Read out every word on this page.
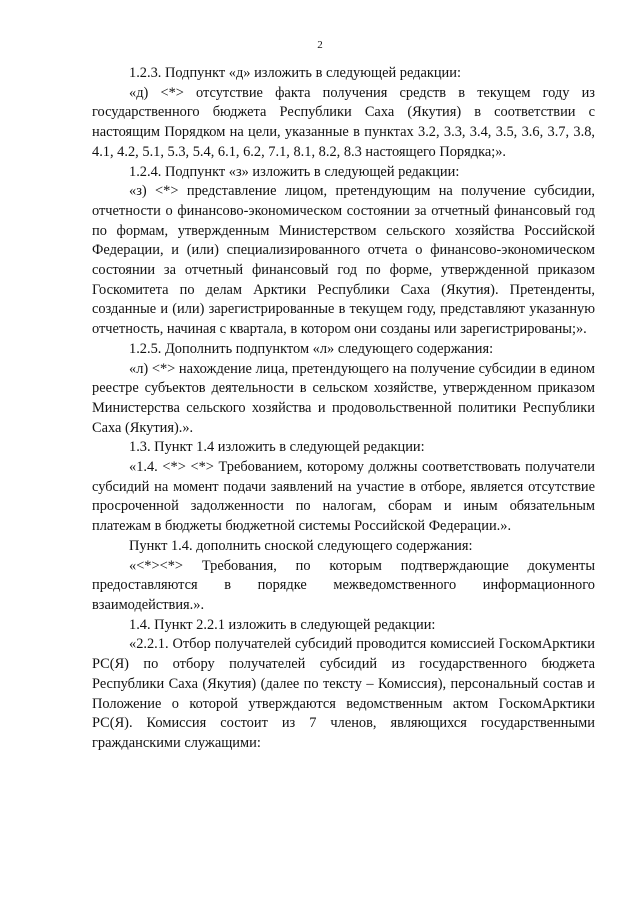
2

1.2.3. Подпункт «д» изложить в следующей редакции:

«д) <*> отсутствие факта получения средств в текущем году из государственного бюджета Республики Саха (Якутия) в соответствии с настоящим Порядком на цели, указанные в пунктах 3.2, 3.3, 3.4, 3.5, 3.6, 3.7, 3.8, 4.1, 4.2, 5.1, 5.3, 5.4, 6.1, 6.2, 7.1, 8.1, 8.2, 8.3 настоящего Порядка;».

1.2.4. Подпункт «з» изложить в следующей редакции:

«з) <*> представление лицом, претендующим на получение субсидии, отчетности о финансово-экономическом состоянии за отчетный финансовый год по формам, утвержденным Министерством сельского хозяйства Российской Федерации, и (или) специализированного отчета о финансово-экономическом состоянии за отчетный финансовый год по форме, утвержденной приказом Госкомитета по делам Арктики Республики Саха (Якутия). Претенденты, созданные и (или) зарегистрированные в текущем году, представляют указанную отчетность, начиная с квартала, в котором они созданы или зарегистрированы;».

1.2.5. Дополнить подпунктом «л» следующего содержания:

«л) <*> нахождение лица, претендующего на получение субсидии в едином реестре субъектов деятельности в сельском хозяйстве, утвержденном приказом Министерства сельского хозяйства и продовольственной политики Республики Саха (Якутия).».

1.3. Пункт 1.4 изложить в следующей редакции:

«1.4. <*> <*> Требованием, которому должны соответствовать получатели субсидий на момент подачи заявлений на участие в отборе, является отсутствие просроченной задолженности по налогам, сборам и иным обязательным платежам в бюджеты бюджетной системы Российской Федерации.».

Пункт 1.4. дополнить сноской следующего содержания:

«<*><*> Требования, по которым подтверждающие документы предоставляются в порядке межведомственного информационного взаимодействия.».

1.4. Пункт 2.2.1 изложить в следующей редакции:

«2.2.1. Отбор получателей субсидий проводится комиссией ГоскомАрктики РС(Я) по отбору получателей субсидий из государственного бюджета Республики Саха (Якутия) (далее по тексту – Комиссия), персональный состав и Положение о которой утверждаются ведомственным актом ГоскомАрктики РС(Я). Комиссия состоит из 7 членов, являющихся государственными гражданскими служащими:
